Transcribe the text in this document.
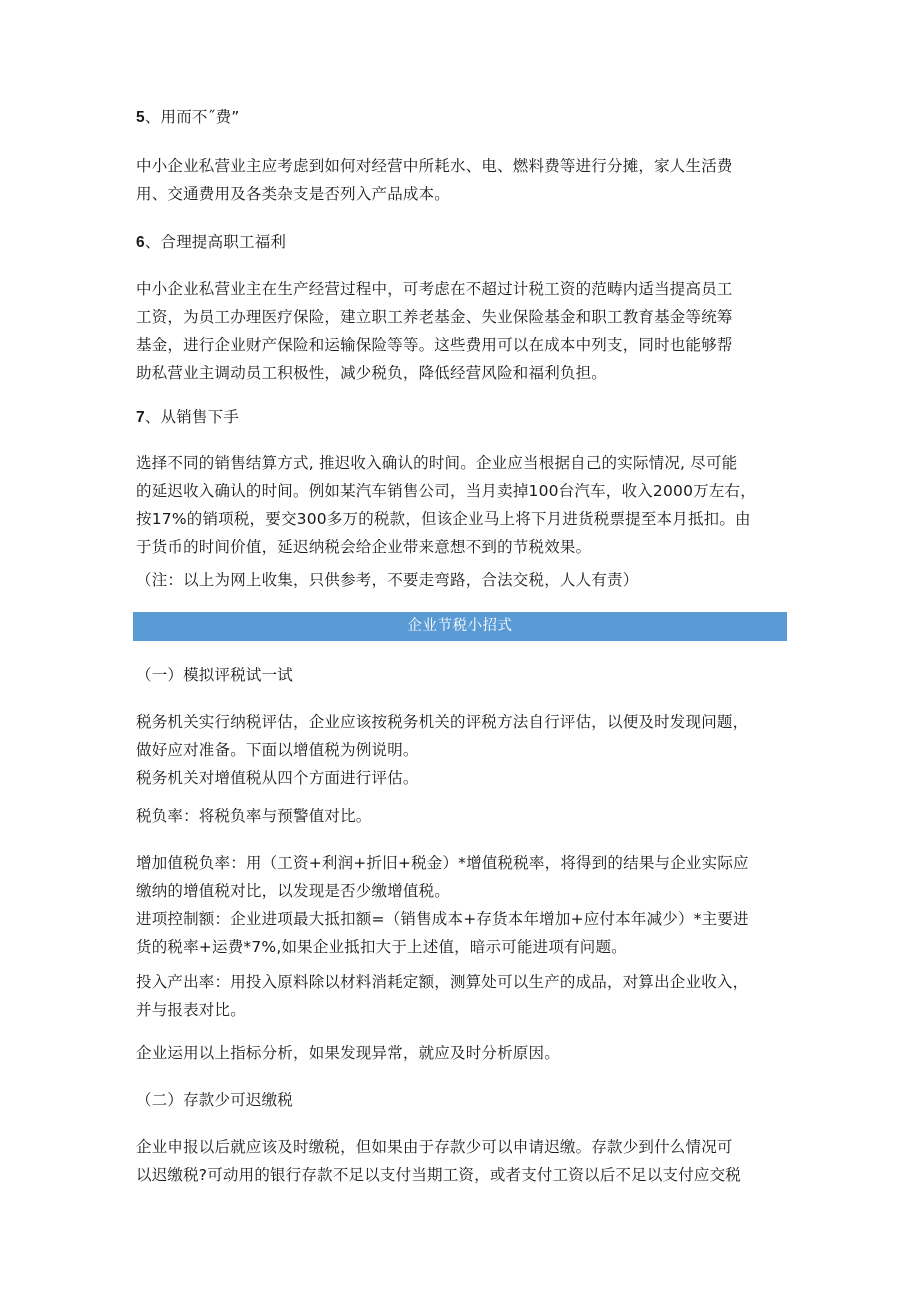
5、用而不˝费”
中小企业私营业主应考虑到如何对经营中所耗水、电、燃料费等进行分摊，家人生活费
用、交通费用及各类杂支是否列入产品成本。
6、合理提高职工福利
中小企业私营业主在生产经营过程中，可考虑在不超过计税工资的范畴内适当提高员工
工资，为员工办理医疗保险，建立职工养老基金、失业保险基金和职工教育基金等统筹
基金，进行企业财产保险和运输保险等等。这些费用可以在成本中列支，同时也能够帮
助私营业主调动员工积极性，减少税负，降低经营风险和福利负担。
7、从销售下手
选择不同的销售结算方式, 推迟收入确认的时间。企业应当根据自己的实际情况, 尽可能
的延迟收入确认的时间。例如某汽车销售公司，当月卖掉100台汽车，收入2000万左右，
按17%的销项税，要交300多万的税款，但该企业马上将下月进货税票提至本月抵扣。由
于货币的时间价值，延迟纳税会给企业带来意想不到的节税效果。
（注：以上为网上收集，只供参考，不要走弯路，合法交税，人人有责）
企业节税小招式
（一）模拟评税试一试
税务机关实行纳税评估，企业应该按税务机关的评税方法自行评估，以便及时发现问题，
做好应对准备。下面以增值税为例说明。
税务机关对增值税从四个方面进行评估。
税负率：将税负率与预警值对比。
增加值税负率：用（工资+利润+折旧+税金）*增值税税率，将得到的结果与企业实际应
缴纳的增值税对比，以发现是否少缴增值税。
进项控制额：企业进项最大抵扣额=（销售成本+存货本年增加+应付本年减少）*主要进
货的税率+运费*7%,如果企业抵扣大于上述值，暗示可能进项有问题。
投入产出率：用投入原料除以材料消耗定额，测算处可以生产的成品，对算出企业收入，
并与报表对比。
企业运用以上指标分析，如果发现异常，就应及时分析原因。
（二）存款少可迟缴税
企业申报以后就应该及时缴税，但如果由于存款少可以申请迟缴。存款少到什么情况可
以迟缴税?可动用的银行存款不足以支付当期工资，或者支付工资以后不足以支付应交税
